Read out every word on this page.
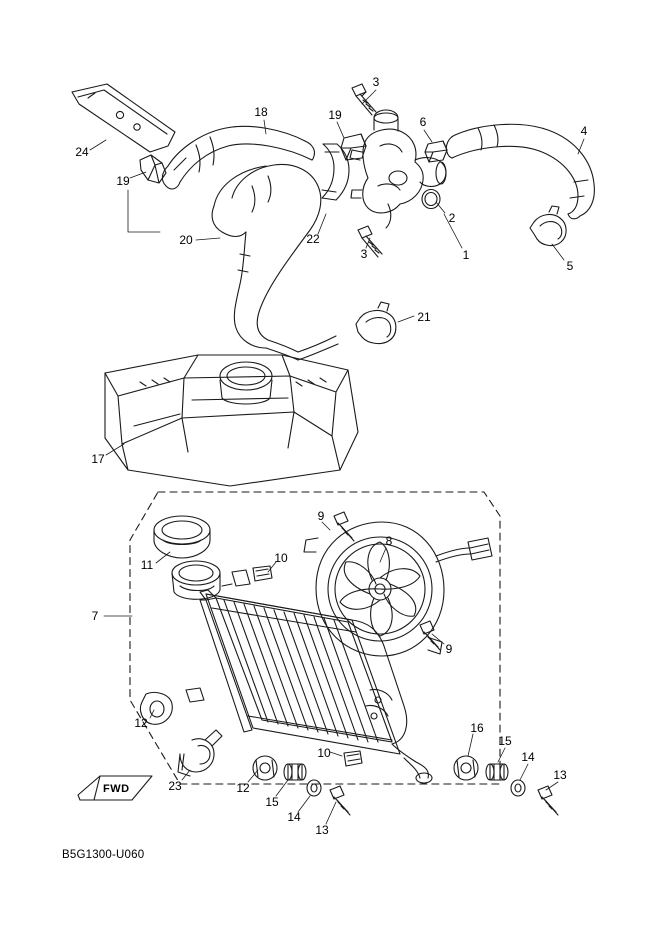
3
18	19	6
4
24
19
2
20	22
3	1
5
21
17
9
8
11	10
7
9
12	16
10
15
14
23	12
15
13
14
13
FWD
B5G1300-U060
